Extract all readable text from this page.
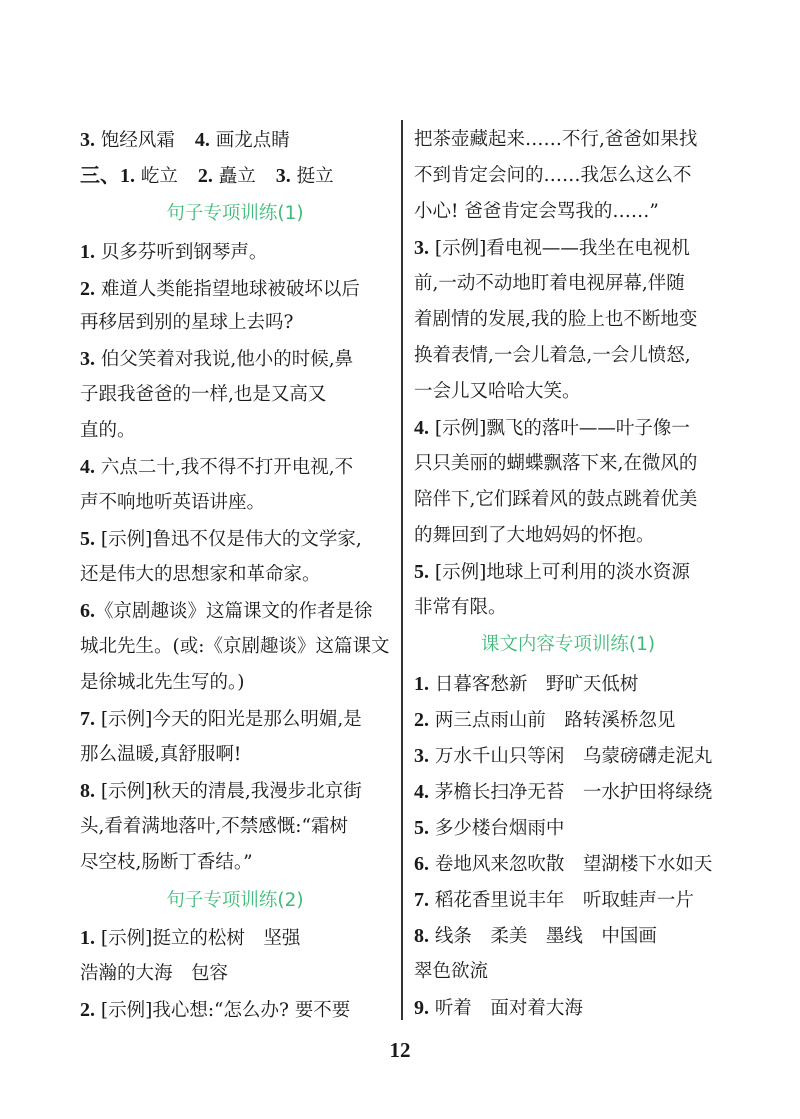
3. 饱经风霜 4. 画龙点睛
三、1. 屹立 2. 矗立 3. 挺立
句子专项训练(1)
1. 贝多芬听到钢琴声。
2. 难道人类能指望地球被破坏以后
再移居到别的星球上去吗?
3. 伯父笑着对我说,他小的时候,鼻
子跟我爸爸的一样,也是又高又
直的。
4. 六点二十,我不得不打开电视,不
声不响地听英语讲座。
5. [示例]鲁迅不仅是伟大的文学家,
还是伟大的思想家和革命家。
6.《京剧趣谈》这篇课文的作者是徐
城北先生。(或:《京剧趣谈》这篇课文
是徐城北先生写的。)
7. [示例]今天的阳光是那么明媚,是
那么温暖,真舒服啊!
8. [示例]秋天的清晨,我漫步北京街
头,看着满地落叶,不禁感慨:“霜树
尽空枝,肠断丁香结。”
句子专项训练(2)
1. [示例]挺立的松树　坚强
浩瀚的大海　包容
2. [示例]我心想:“怎么办? 要不要
把茶壶藏起来……不行,爸爸如果找
不到肯定会问的……我怎么这么不
小心! 爸爸肯定会骂我的……”
3. [示例]看电视——我坐在电视机
前,一动不动地盯着电视屏幕,伴随
着剧情的发展,我的脸上也不断地变
换着表情,一会儿着急,一会儿愤怒,
一会儿又哈哈大笑。
4. [示例]飘飞的落叶——叶子像一
只只美丽的蝴蝶飘落下来,在微风的
陪伴下,它们踩着风的鼓点跳着优美
的舞回到了大地妈妈的怀抱。
5. [示例]地球上可利用的淡水资源
非常有限。
课文内容专项训练(1)
1. 日暮客愁新　野旷天低树
2. 两三点雨山前　路转溪桥忽见
3. 万水千山只等闲　乌蒙磅礴走泥丸
4. 茅檐长扫净无苔　一水护田将绿绕
5. 多少楼台烟雨中
6. 卷地风来忽吹散　望湖楼下水如天
7. 稻花香里说丰年　听取蛙声一片
8. 线条　柔美　墨线　中国画
翠色欲流
9. 听着　面对着大海
12
